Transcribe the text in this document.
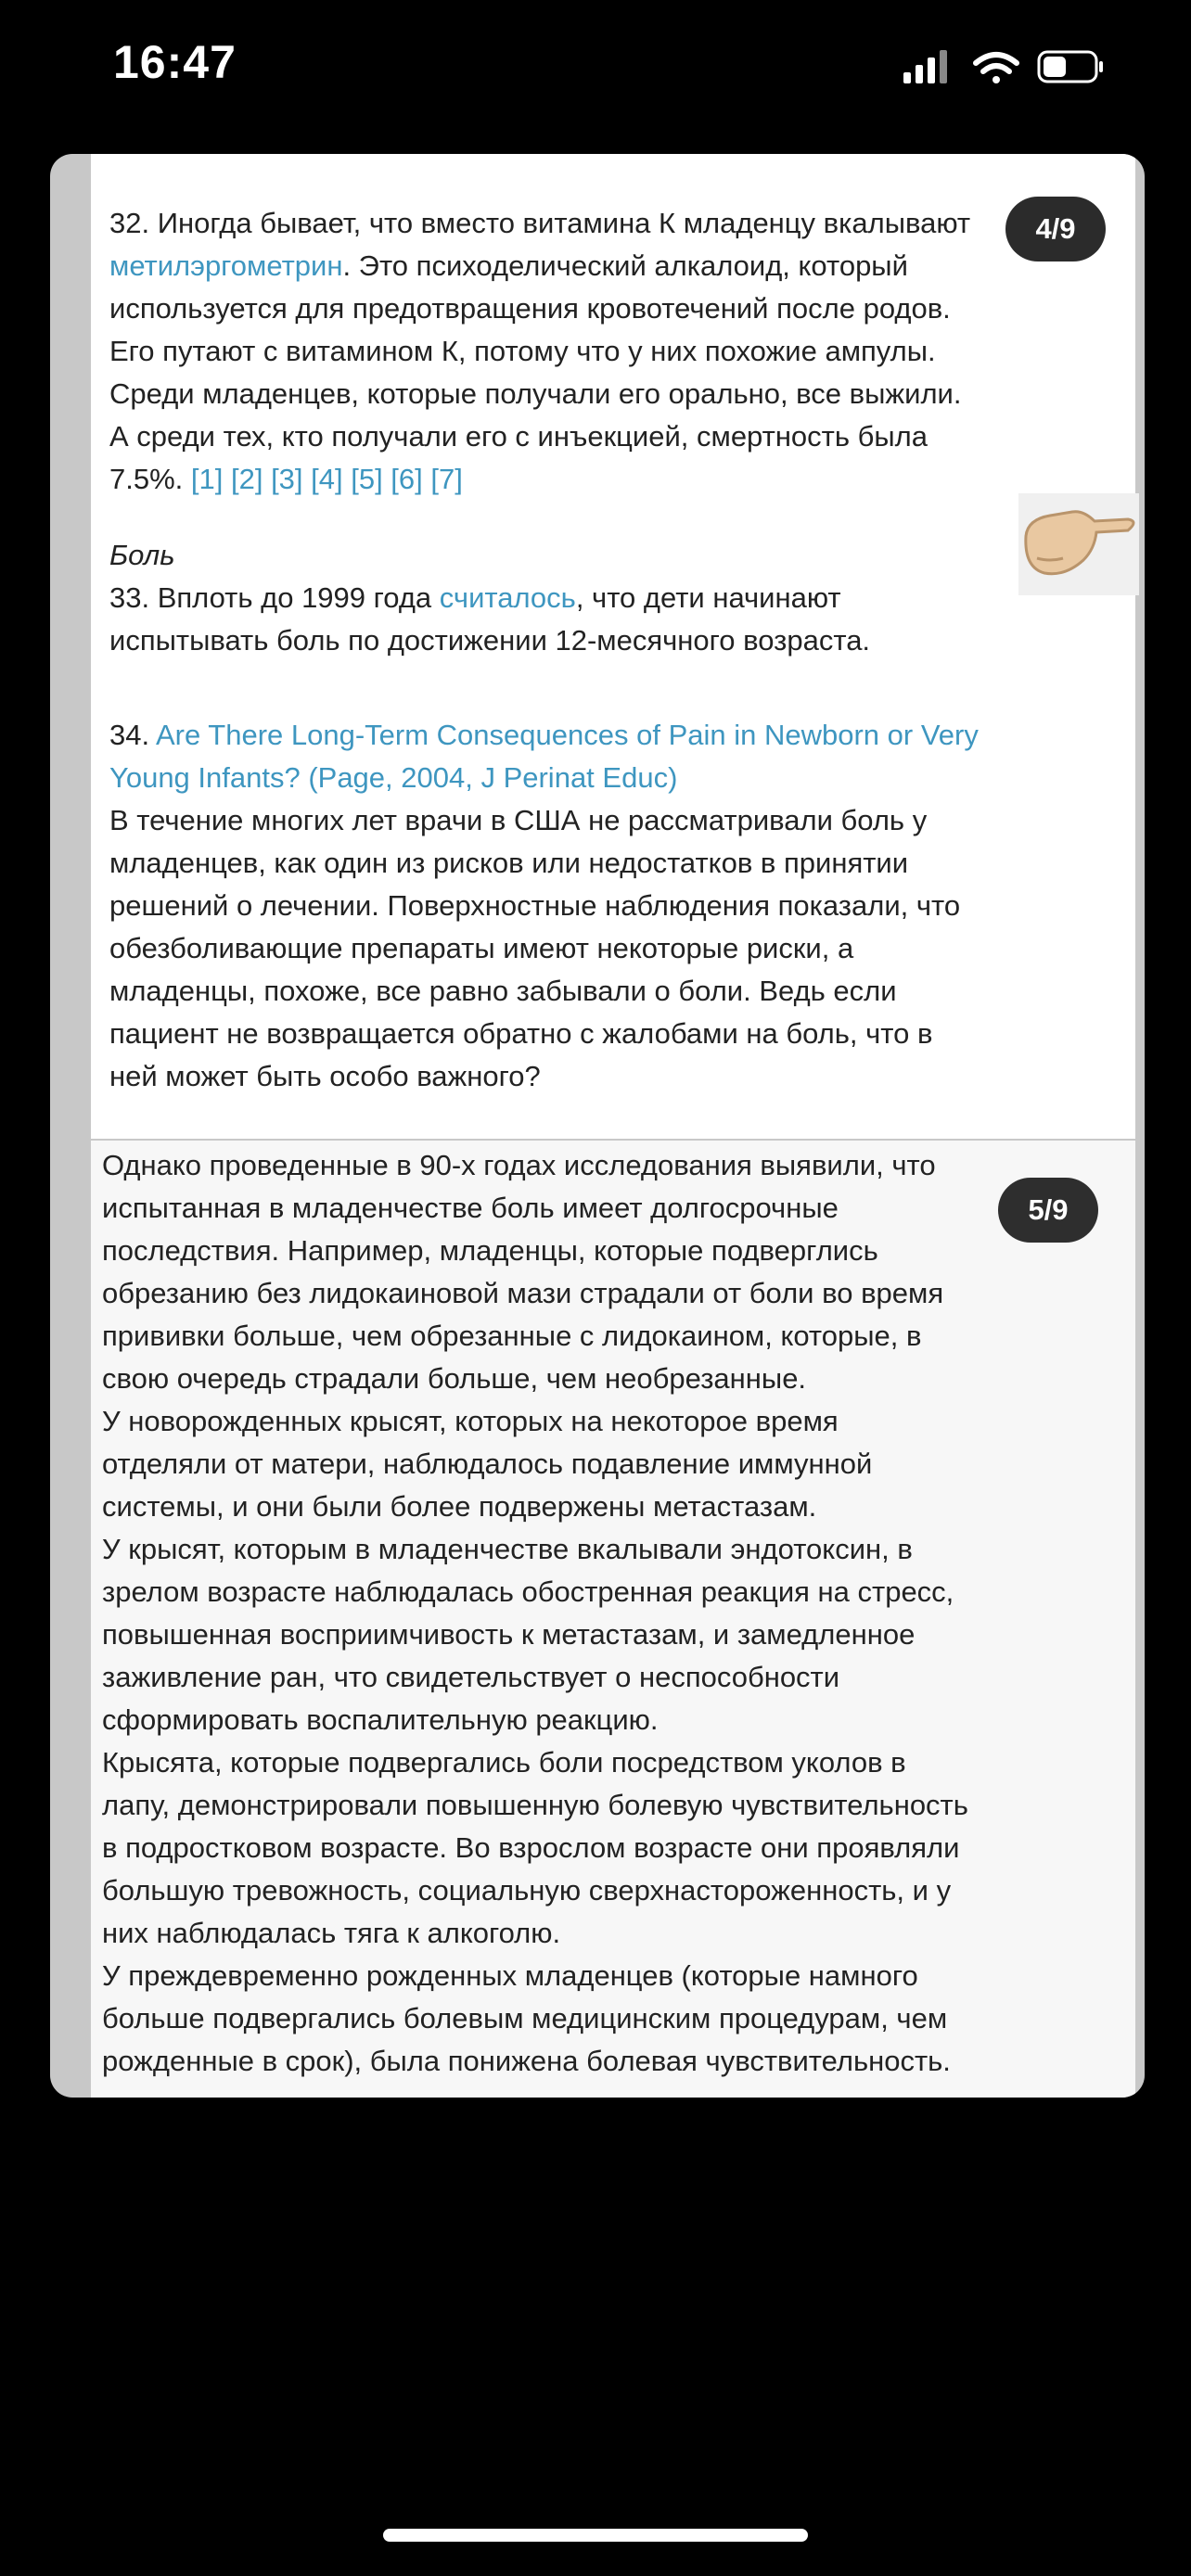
16:47

32. Иногда бывает, что вместо витамина К младенцу вкалывают
метилэргометрин. Это психоделический алкалоид, который
используется для предотвращения кровотечений после родов.
Его путают с витамином К, потому что у них похожие ампулы.
Среди младенцев, которые получали его орально, все выжили.
А среди тех, кто получали его с инъекцией, смертность была
7.5%. [1] [2] [3] [4] [5] [6] [7]

4/9

Боль

33. Вплоть до 1999 года считалось, что дети начинают
испытывать боль по достижении 12-месячного возраста.

34. Are There Long-Term Consequences of Pain in Newborn or Very
Young Infants? (Page, 2004, J Perinat Educ)
В течение многих лет врачи в США не рассматривали боль у
младенцев, как один из рисков или недостатков в принятии
решений о лечении. Поверхностные наблюдения показали, что
обезболивающие препараты имеют некоторые риски, а
младенцы, похоже, все равно забывали о боли. Ведь если
пациент не возвращается обратно с жалобами на боль, что в
ней может быть особо важного?

Однако проведенные в 90-х годах исследования выявили, что
испытанная в младенчестве боль имеет долгосрочные
последствия. Например, младенцы, которые подверглись
обрезанию без лидокаиновой мази страдали от боли во время
прививки больше, чем обрезанные с лидокаином, которые, в
свою очередь страдали больше, чем необрезанные.
У новорожденных крысят, которых на некоторое время
отделяли от матери, наблюдалось подавление иммунной
системы, и они были более подвержены метастазам.
У крысят, которым в младенчестве вкалывали эндотоксин, в
зрелом возрасте наблюдалась обостренная реакция на стресс,
повышенная восприимчивость к метастазам, и замедленное
заживление ран, что свидетельствует о неспособности
сформировать воспалительную реакцию.
Крысята, которые подвергались боли посредством уколов в
лапу, демонстрировали повышенную болевую чувствительность
в подростковом возрасте. Во взрослом возрасте они проявляли
большую тревожность, социальную сверхнастороженность, и у
них наблюдалась тяга к алкоголю.
У преждевременно рожденных младенцев (которые намного
больше подвергались болевым медицинским процедурам, чем
рожденные в срок), была понижена болевая чувствительность.

5/9
